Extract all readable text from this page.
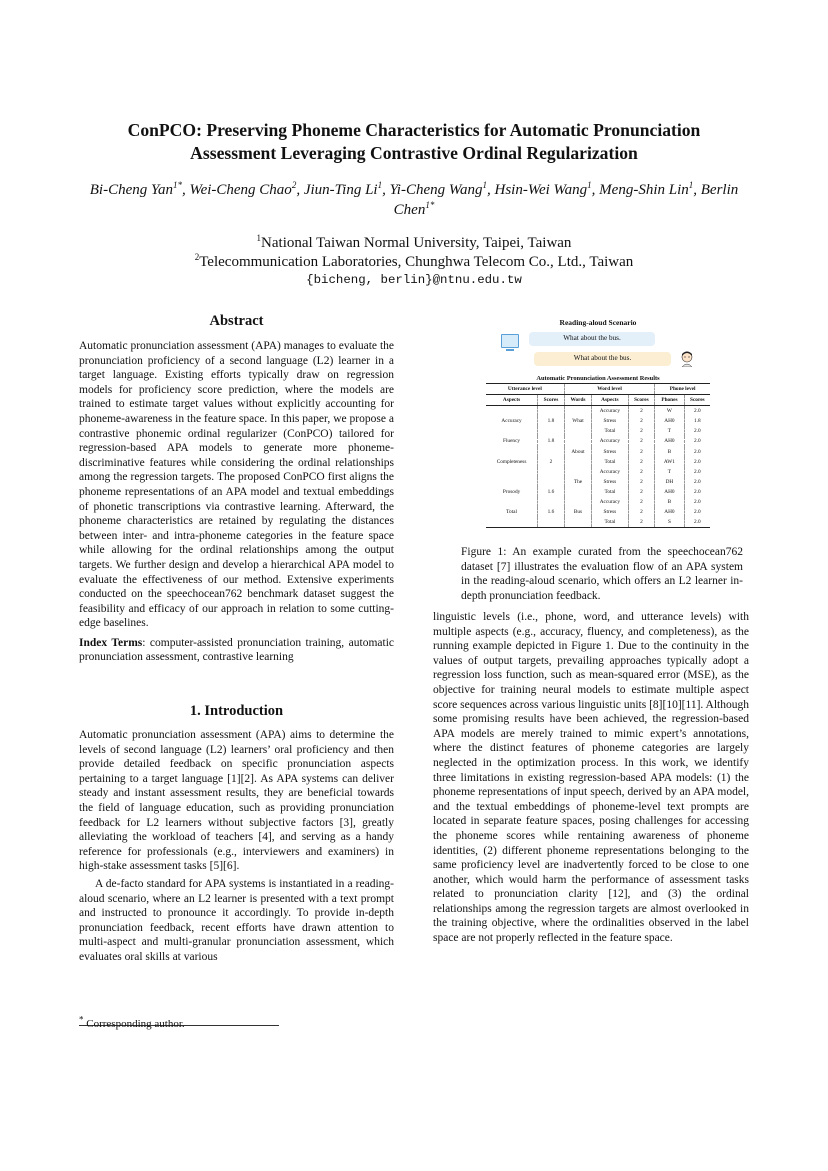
ConPCO: Preserving Phoneme Characteristics for Automatic Pronunciation
Assessment Leveraging Contrastive Ordinal Regularization
Bi-Cheng Yan$^{1*}$, Wei-Cheng Chao$^2$, Jiun-Ting Li$^1$, Yi-Cheng Wang$^1$, Hsin-Wei Wang$^1$, Meng-Shin Lin$^1$, Berlin Chen$^{1*}$
$^1$National Taiwan Normal University, Taipei, Taiwan
$^2$Telecommunication Laboratories, Chunghwa Telecom Co., Ltd., Taiwan
{bicheng, berlin}@ntnu.edu.tw
Abstract

Automatic pronunciation assessment (APA) manages to evaluate the pronunciation proficiency of a second language (L2) learner in a target language. Existing efforts typically draw on regression models for proficiency score prediction, where the models are trained to estimate target values without explicitly accounting for phoneme-awareness in the feature space. In this paper, we propose a contrastive phonemic ordinal regularizer (ConPCO) tailored for regression-based APA models to generate more phoneme-discriminative features while considering the ordinal relationships among the regression targets. The proposed ConPCO first aligns the phoneme representations of an APA model and textual embeddings of phonetic transcriptions via contrastive learning. Afterward, the phoneme characteristics are retained by regulating the distances between inter- and intra-phoneme categories in the feature space while allowing for the ordinal relationships among the output targets. We further design and develop a hierarchical APA model to evaluate the effectiveness of our method. Extensive experiments conducted on the speechocean762 benchmark dataset suggest the feasibility and efficacy of our approach in relation to some cutting-edge baselines.

Index Terms: computer-assisted pronunciation training, automatic pronunciation assessment, contrastive learning

1. Introduction

Automatic pronunciation assessment (APA) aims to determine the levels of second language (L2) learners’ oral proficiency and then provide detailed feedback on specific pronunciation aspects pertaining to a target language [1][2]. As APA systems can deliver steady and instant assessment results, they are beneficial towards the field of language education, such as providing pronunciation feedback for L2 learners without subjective factors [3], greatly alleviating the workload of teachers [4], and serving as a handy reference for professionals (e.g., interviewers and examiners) in high-stake assessment tasks [5][6].

A de-facto standard for APA systems is instantiated in a reading-aloud scenario, where an L2 learner is presented with a text prompt and instructed to pronounce it accordingly. To provide in-depth pronunciation feedback, recent efforts have drawn attention to multi-aspect and multi-granular pronunciation assessment, which evaluates oral skills at various

* Corresponding author.
Reading-aloud Scenario
What about the bus.
What about the bus.
Automatic Pronunciation Assessment Results
Utterance level		Word level			Phone level	
Aspects	Scores	Words	Aspects	Scores	Phones	Scores
			Accuracy	2	W	2.0
Accuracy	1.8	What	Stress	2	AH0	1.8
			Total	2	T	2.0
Fluency	1.8		Accuracy	2	AH0	2.0
		About	Stress	2	B	2.0
Completeness	2		Total	2	AW1	2.0
			Accuracy	2	T	2.0
		The	Stress	2	DH	2.0
Prosody	1.6		Total	2	AH0	2.0
			Accuracy	2	B	2.0
Total	1.6	Bus	Stress	2	AH0	2.0
			Total	2	S	2.0
Figure 1: An example curated from the speechocean762 dataset [7] illustrates the evaluation flow of an APA system in the reading-aloud scenario, which offers an L2 learner in-depth pronunciation feedback.

linguistic levels (i.e., phone, word, and utterance levels) with multiple aspects (e.g., accuracy, fluency, and completeness), as the running example depicted in Figure 1. Due to the continuity in the values of output targets, prevailing approaches typically adopt a regression loss function, such as mean-squared error (MSE), as the objective for training neural models to estimate multiple aspect score sequences across various linguistic units [8][10][11]. Although some promising results have been achieved, the regression-based APA models are merely trained to mimic expert’s annotations, where the distinct features of phoneme categories are largely neglected in the optimization process. In this work, we identify three limitations in existing regression-based APA models: (1) the phoneme representations of input speech, derived by an APA model, and the textual embeddings of phoneme-level text prompts are located in separate feature spaces, posing challenges for accessing the phoneme scores while rentaining awareness of phoneme identities, (2) different phoneme representations belonging to the same proficiency level are inadvertently forced to be close to one another, which would harm the performance of assessment tasks related to pronunciation clarity [12], and (3) the ordinal relationships among the regression targets are almost overlooked in the training objective, where the ordinalities observed in the label space are not properly reflected in the feature space.
